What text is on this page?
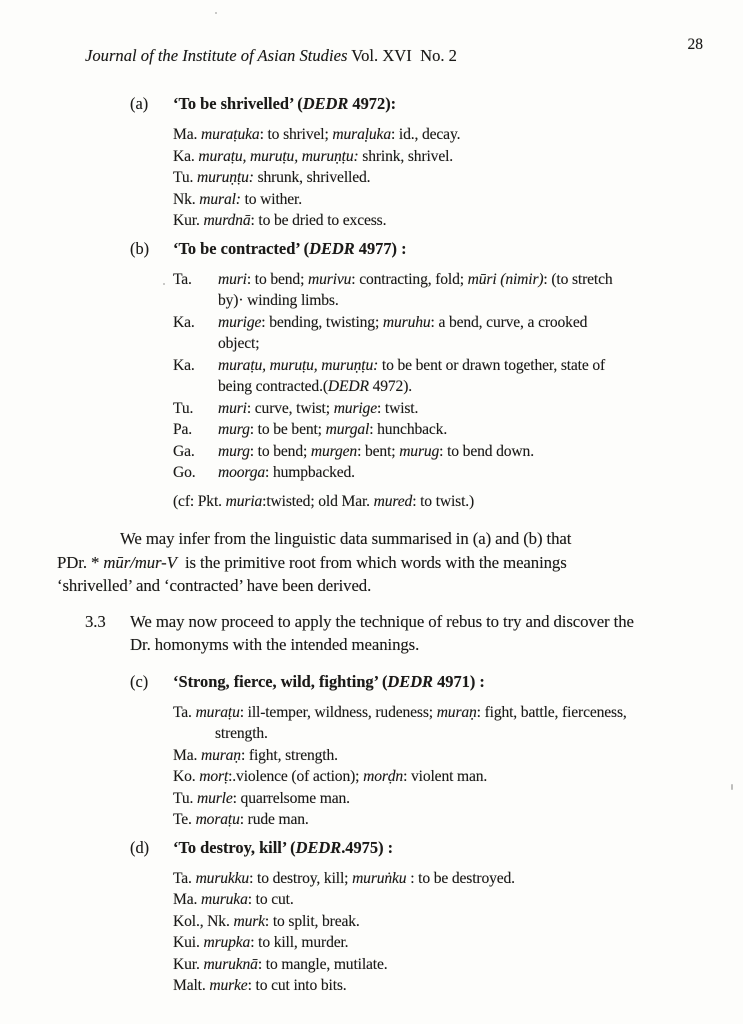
Journal of the Institute of Asian Studies Vol. XVI  No. 2
28
(a) ‘To be shrivelled’ (DEDR 4972):
Ma. muraṭuka: to shrivel; muraḷuka: id., decay.
Ka. muraṭu, muruṭu, muruṇṭu: shrink, shrivel.
Tu. muruṇṭu: shrunk, shrivelled.
Nk. mural: to wither.
Kur. murdnā: to be dried to excess.
(b) ‘To be contracted’ (DEDR 4977) :
Ta.	muri: to bend; murivu: contracting, fold; mūri (nimir): (to stretch
by)· winding limbs.
Ka.	murige: bending, twisting; muruhu: a bend, curve, a crooked
object;
Ka.	muraṭu, muruṭu, muruṇṭu: to be bent or drawn together, state of
being contracted.(DEDR 4972).
Tu.	muri: curve, twist; murige: twist.
Pa.	murg: to be bent; murgal: hunchback.
Ga.	murg: to bend; murgen: bent; murug: to bend down.
Go.	moorga: humpbacked.
(cf: Pkt. muria:twisted; old Mar. mured: to twist.)
We may infer from the linguistic data summarised in (a) and (b) that
PDr. * mūr/mur-V  is the primitive root from which words with the meanings
‘shrivelled’ and ‘contracted’ have been derived.
3.3	We may now proceed to apply the technique of rebus to try and discover the
Dr. homonyms with the intended meanings.
(c) ‘Strong, fierce, wild, fighting’ (DEDR 4971) :
Ta. muraṭu: ill-temper, wildness, rudeness; muraṇ: fight, battle, fierceness,
strength.
Ma. muraṇ: fight, strength.
Ko. morṭ:.violence (of action); morḍn: violent man.
Tu. murle: quarrelsome man.
Te. moraṭu: rude man.
(d) ‘To destroy, kill’ (DEDR.4975) :
Ta. murukku: to destroy, kill; muruṅku : to be destroyed.
Ma. muruka: to cut.
Kol., Nk. murk: to split, break.
Kui. mrupka: to kill, murder.
Kur. muruknā: to mangle, mutilate.
Malt. murke: to cut into bits.
